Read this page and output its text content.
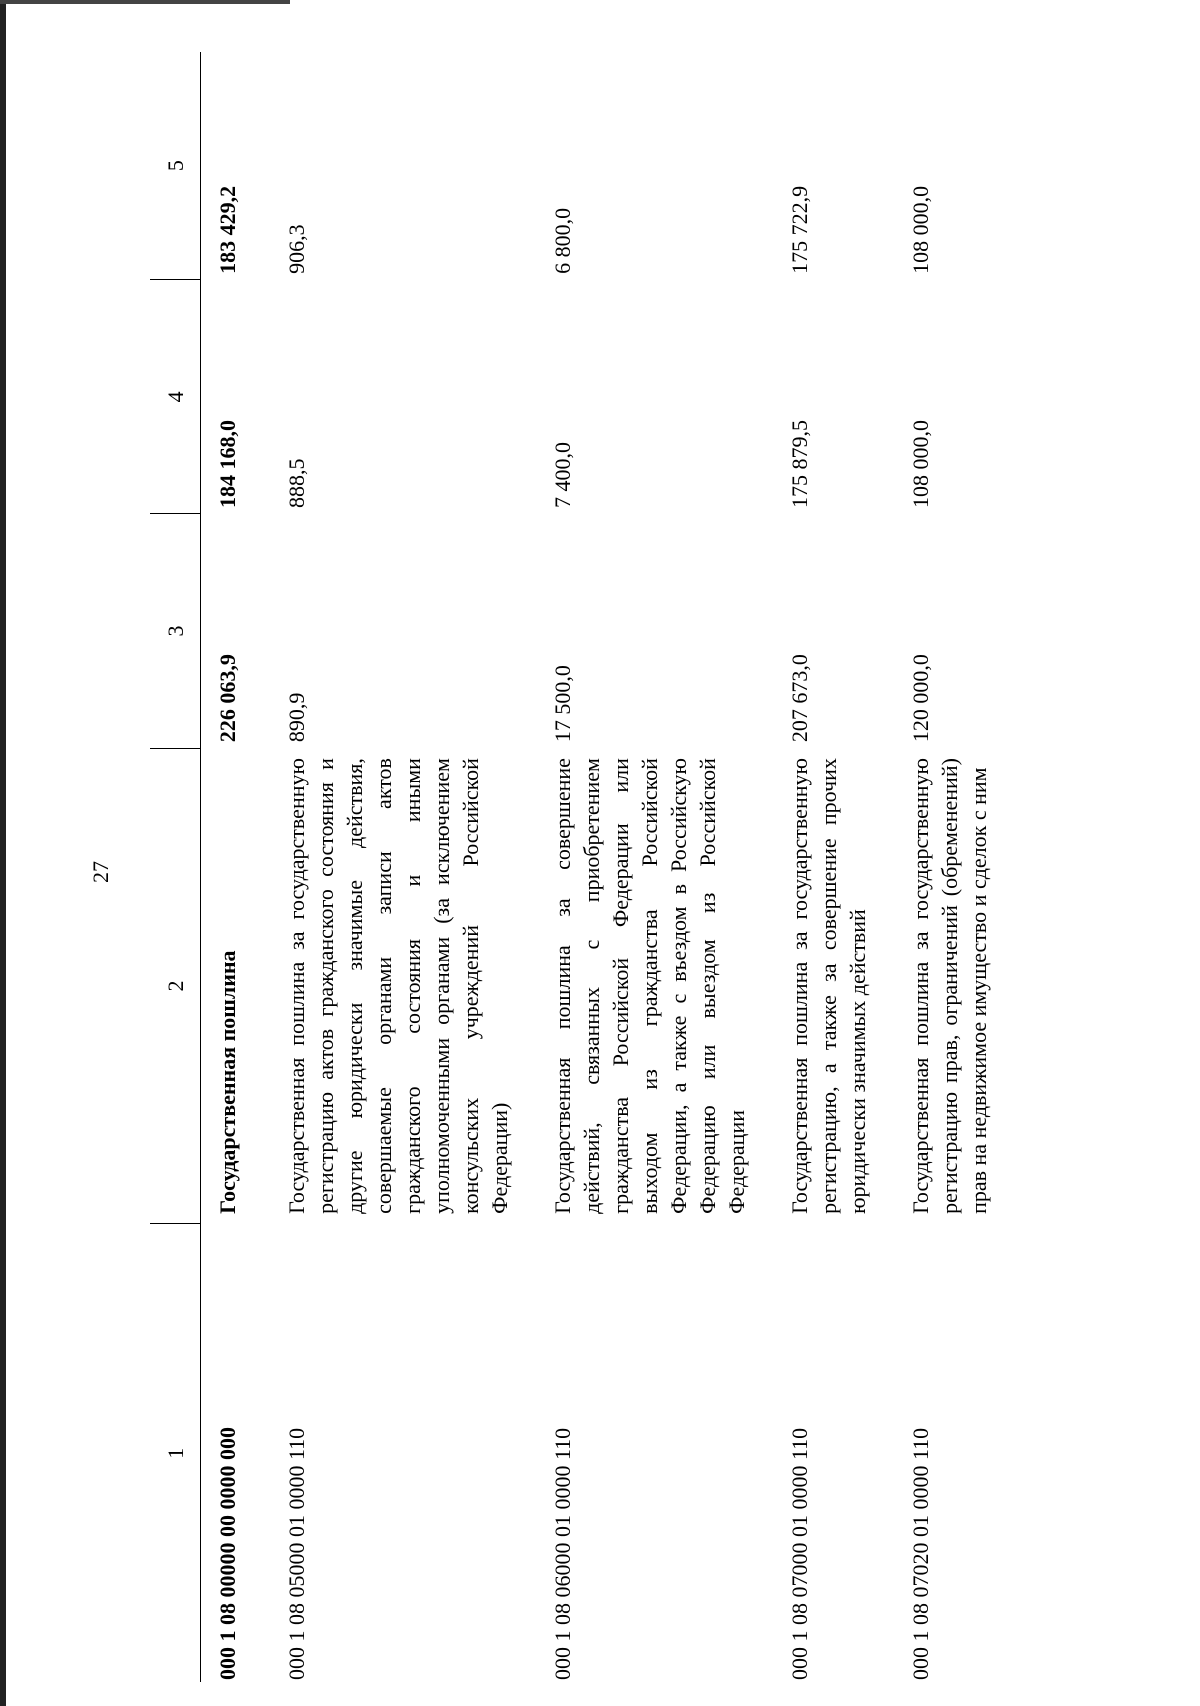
27
1	2	3	4	5
000 1 08 00000 00 0000 000	Государственная пошлина	226 063,9	184 168,0	183 429,2
000 1 08 05000 01 0000 110	Государственная пошлина за государственную регистрацию актов гражданского состояния и другие юридически значимые действия, совершаемые органами записи актов гражданского состояния и иными уполномоченными органами (за исключением консульских учреждений Российской Федерации)	890,9	888,5	906,3
000 1 08 06000 01 0000 110	Государственная пошлина за совершение действий, связанных с приобретением гражданства Российской Федерации или выходом из гражданства Российской Федерации, а также с въездом в Российскую Федерацию или выездом из Российской Федерации	17 500,0	7 400,0	6 800,0
000 1 08 07000 01 0000 110	Государственная пошлина за государственную регистрацию, а также за совершение прочих юридически значимых действий	207 673,0	175 879,5	175 722,9
000 1 08 07020 01 0000 110	Государственная пошлина за государственную регистрацию прав, ограничений (обременений) прав на недвижимое имущество и сделок с ним	120 000,0	108 000,0	108 000,0
